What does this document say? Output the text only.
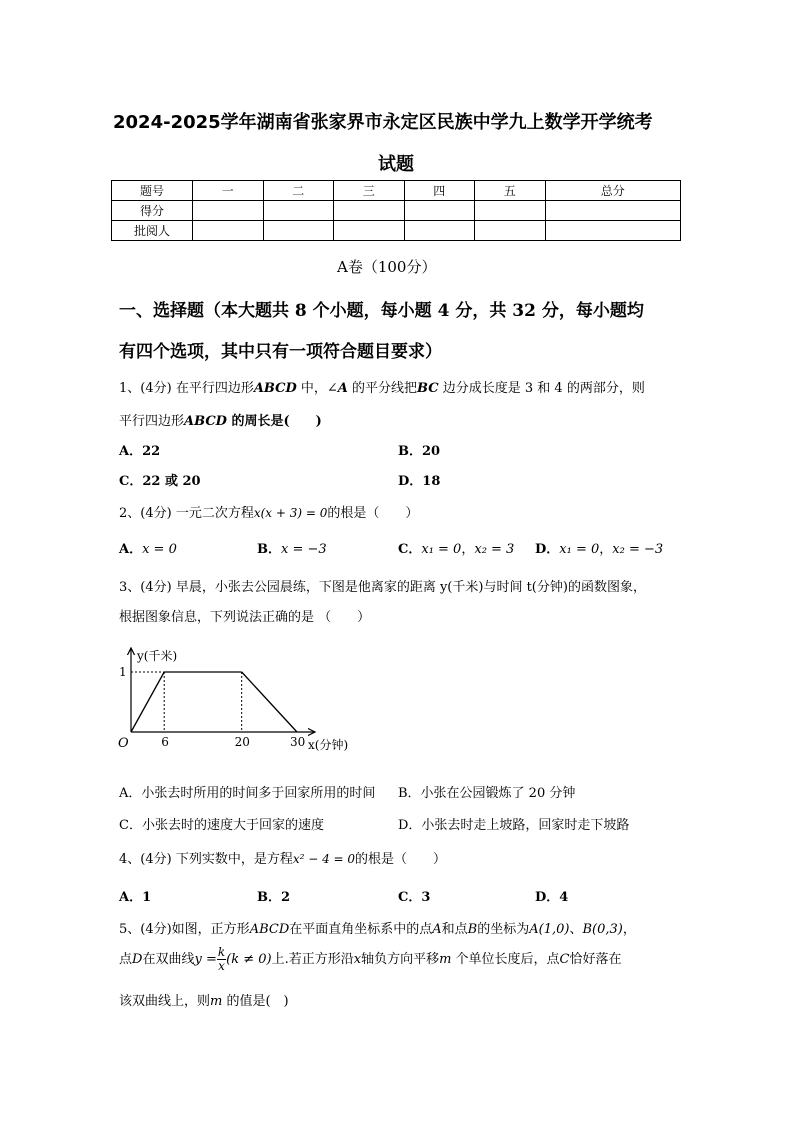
2024-2025学年湖南省张家界市永定区民族中学九上数学开学统考
试题
题号	一	二	三	四	五	总分
得分						
批阅人						
A卷（100分）
一、选择题（本大题共 8 个小题，每小题 4 分，共 32 分，每小题均
有四个选项，其中只有一项符合题目要求）
1、(4分) 在平行四边形ABCD 中，∠A 的平分线把BC 边分成长度是 3 和 4 的两部分，则
平行四边形ABCD 的周长是(　　)
A．22	B．20
C．22 或 20	D．18
2、(4分) 一元二次方程x(x + 3) = 0的根是（　　）
A．x = 0	B．x = −3	C．x₁ = 0，x₂ = 3 D．x₁ = 0，x₂ = −3
3、(4分) 早晨，小张去公园晨练，下图是他离家的距离 y(千米)与时间 t(分钟)的函数图象，
根据图象信息，下列说法正确的是 （　　）
y(千米)
x(分钟)
O	6	20	30
1
A．小张去时所用的时间多于回家所用的时间 B．小张在公园锻炼了 20 分钟
C．小张去时的速度大于回家的速度	D．小张去时走上坡路，回家时走下坡路
4、(4分) 下列实数中，是方程x² − 4 = 0的根是（　　）
A．1	B．2	C．3	D．4
5、(4分)如图，正方形ABCD在平面直角坐标系中的点A和点B的坐标为A(1,0)、B(0,3)，
点D在双曲线$y = \frac{k}{x} (k \ne 0)$上.若正方形沿x轴负方向平移m 个单位长度后，点C恰好落在
该双曲线上，则m 的值是(　)
